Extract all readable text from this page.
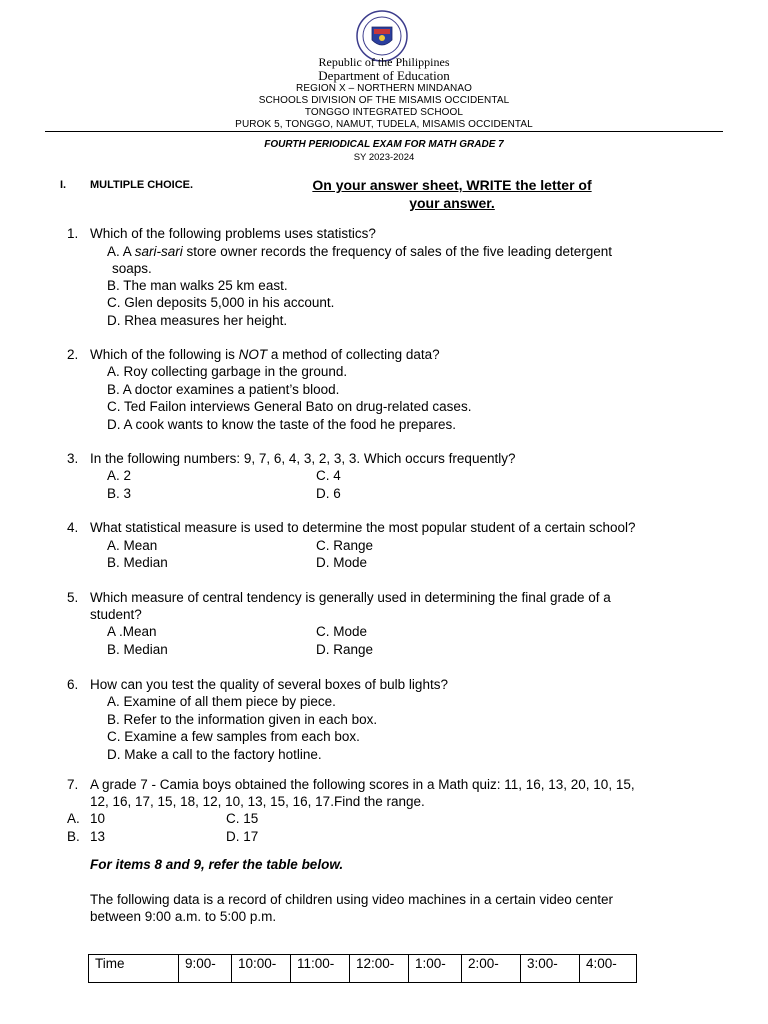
Republic of the Philippines
Department of Education
REGION X – NORTHERN MINDANAO
SCHOOLS DIVISION OF THE MISAMIS OCCIDENTAL
TONGGO INTEGRATED SCHOOL
PUROK 5, TONGGO, NAMUT, TUDELA, MISAMIS OCCIDENTAL
FOURTH PERIODICAL EXAM FOR MATH GRADE 7
SY 2023-2024
I. MULTIPLE CHOICE.	On your answer sheet, WRITE the letter of
your answer.
1. Which of the following problems uses statistics?
A. A sari-sari store owner records the frequency of sales of the five leading detergent
soaps.
B. The man walks 25 km east.
C. Glen deposits 5,000 in his account.
D. Rhea measures her height.
2. Which of the following is NOT a method of collecting data?
A. Roy collecting garbage in the ground.
B. A doctor examines a patient’s blood.
C. Ted Failon interviews General Bato on drug-related cases.
D. A cook wants to know the taste of the food he prepares.
3. In the following numbers: 9, 7, 6, 4, 3, 2, 3, 3. Which occurs frequently?
A. 2	C. 4
B. 3	D. 6
4. What statistical measure is used to determine the most popular student of a certain school?
A. Mean	C. Range
B. Median	D. Mode
5. Which measure of central tendency is generally used in determining the final grade of a
student?
A .Mean	C. Mode
B. Median	D. Range
6. How can you test the quality of several boxes of bulb lights?
A. Examine of all them piece by piece.
B. Refer to the information given in each box.
C. Examine a few samples from each box.
D. Make a call to the factory hotline.
7. A grade 7 - Camia boys obtained the following scores in a Math quiz: 11, 16, 13, 20, 10, 15,
12, 16, 17, 15, 18, 12, 10, 13, 15, 16, 17.Find the range.
A. 10	C. 15
B. 13	D. 17
For items 8 and 9, refer the table below.
The following data is a record of children using video machines in a certain video center
between 9:00 a.m. to 5:00 p.m.
Time	9:00-	10:00-	11:00-	12:00-	1:00-	2:00-	3:00-	4:00-
